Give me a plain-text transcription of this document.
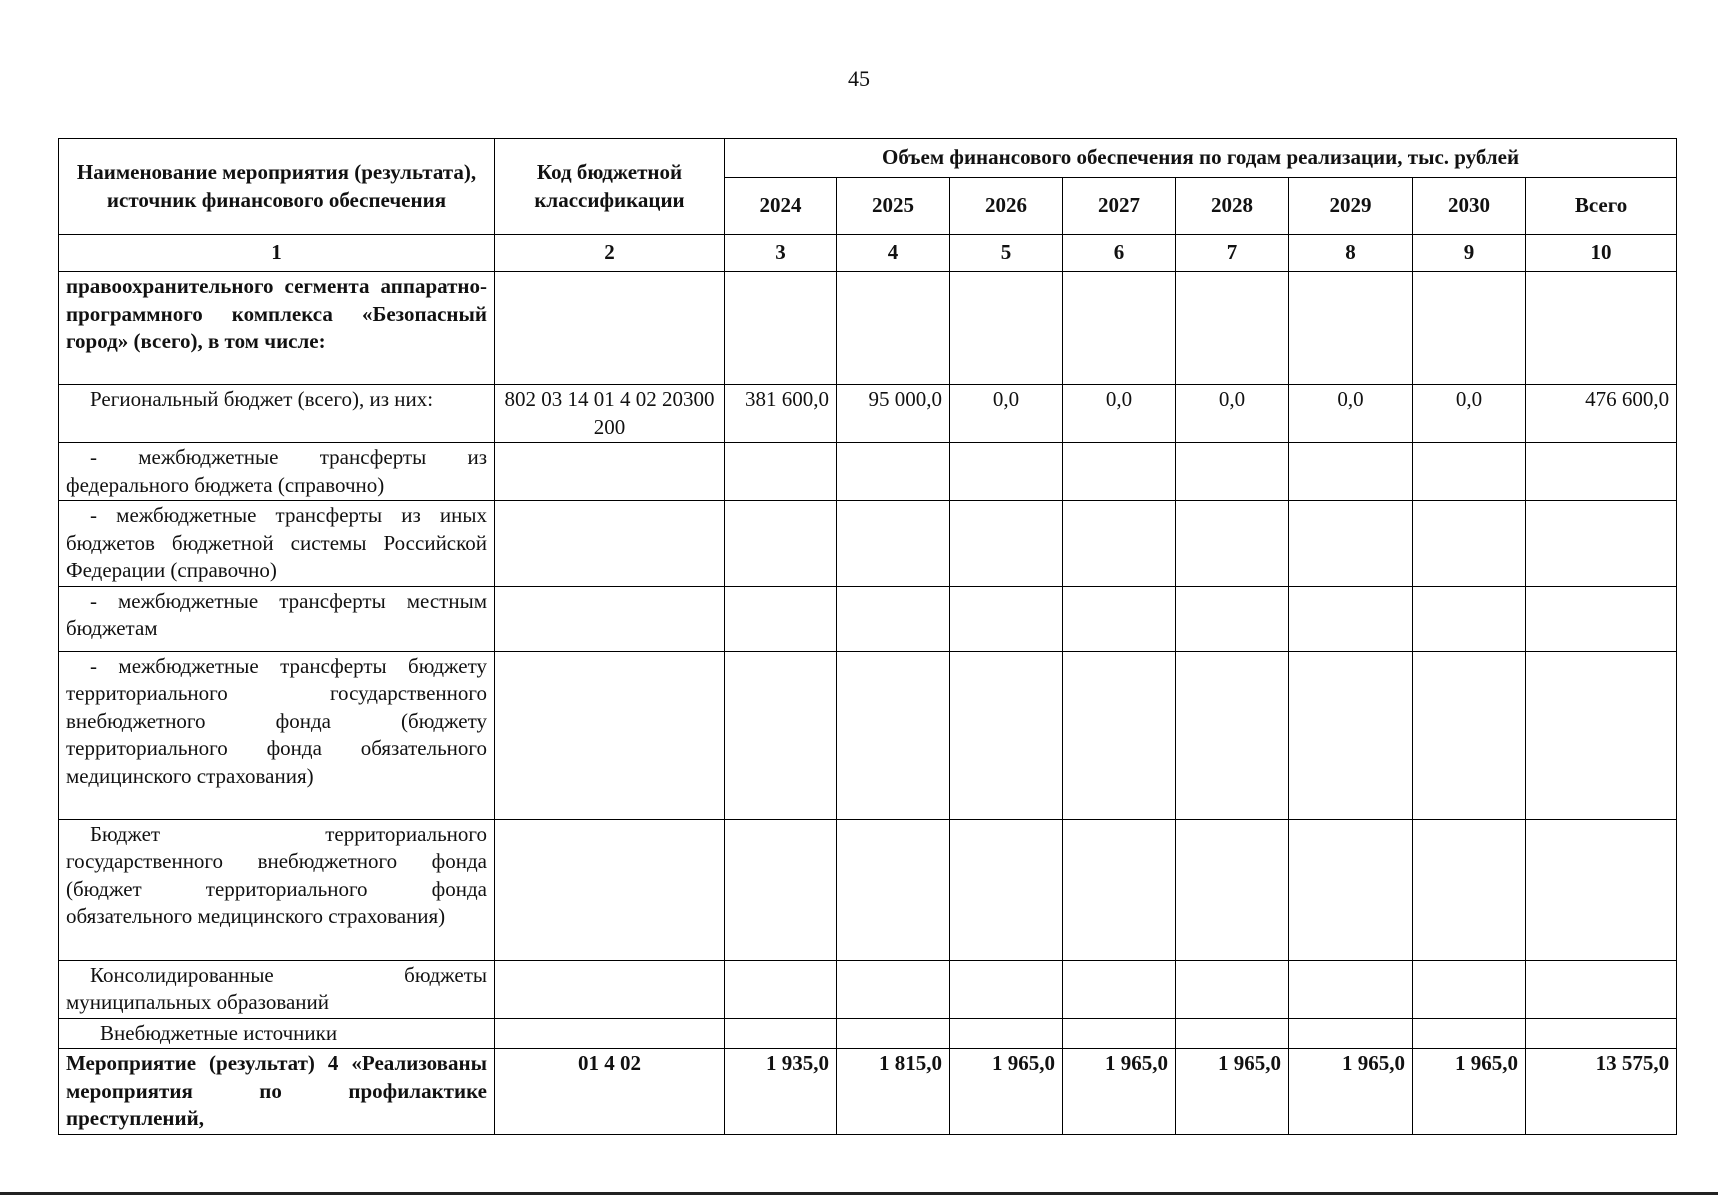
45
Наименование мероприятия (результата), источник финансового обеспечения	Код бюджетной классификации	Объем финансового обеспечения по годам реализации, тыс. рублей							
		2024	2025	2026	2027	2028	2029	2030	Всего
1	2	3	4	5	6	7	8	9	10
правоохранительного сегмента аппаратно-программного комплекса «Безопасный город» (всего), в том числе:									
Региональный бюджет (всего), из них:	802 03 14 01 4 02 20300 200	381 600,0	95 000,0	0,0	0,0	0,0	0,0	0,0	476 600,0
- межбюджетные трансферты из федерального бюджета (справочно)									
- межбюджетные трансферты из иных бюджетов бюджетной системы Российской Федерации (справочно)									
- межбюджетные трансферты местным бюджетам									
- межбюджетные трансферты бюджету территориального государственного внебюджетного фонда (бюджету территориального фонда обязательного медицинского страхования)									
Бюджет территориального государственного внебюджетного фонда (бюджет территориального фонда обязательного медицинского страхования)									
Консолидированные бюджеты муниципальных образований									
Внебюджетные источники									
Мероприятие (результат) 4 «Реализованы мероприятия по профилактике преступлений,	01 4 02	1 935,0	1 815,0	1 965,0	1 965,0	1 965,0	1 965,0	1 965,0	13 575,0
